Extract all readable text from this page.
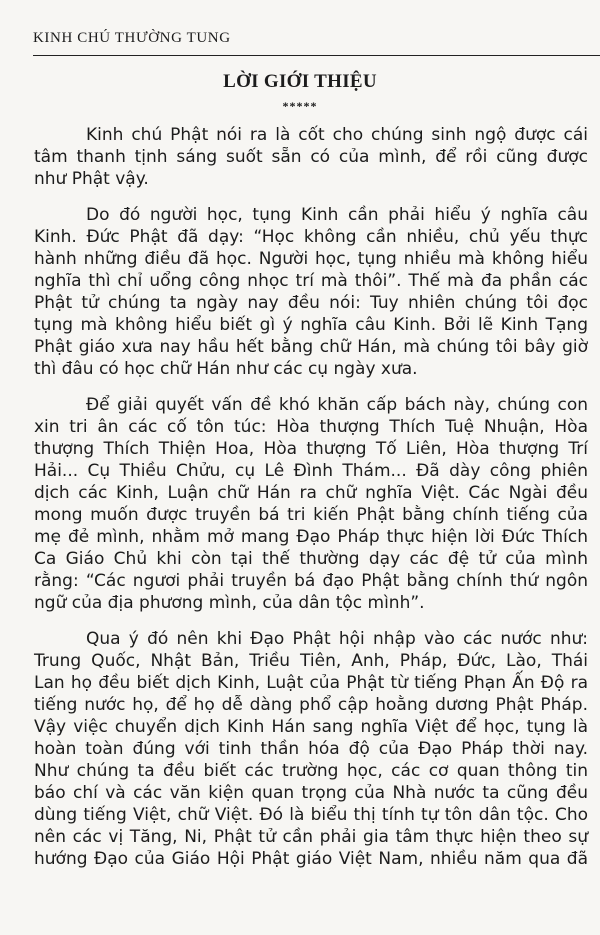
KINH CHÚ THƯỜNG TUNG
LỜI GIỚI THIỆU
*****
Kinh chú Phật nói ra là cốt cho chúng sinh ngộ được cái
tâm thanh tịnh sáng suốt sẵn có của mình, để rồi cũng được
như Phật vậy.
Do đó người học, tụng Kinh cần phải hiểu ý nghĩa câu
Kinh. Đức Phật đã dạy: “Học không cần nhiều, chủ yếu thực
hành những điều đã học. Người học, tụng nhiều mà không hiểu
nghĩa thì chỉ uổng công nhọc trí mà thôi”. Thế mà đa phần các
Phật tử chúng ta ngày nay đều nói: Tuy nhiên chúng tôi đọc
tụng mà không hiểu biết gì ý nghĩa câu Kinh. Bởi lẽ Kinh Tạng
Phật giáo xưa nay hầu hết bằng chữ Hán, mà chúng tôi bây giờ
thì đâu có học chữ Hán như các cụ ngày xưa.
Để giải quyết vấn đề khó khăn cấp bách này, chúng con
xin tri ân các cố tôn túc: Hòa thượng Thích Tuệ Nhuận, Hòa
thượng Thích Thiện Hoa, Hòa thượng Tố Liên, Hòa thượng Trí
Hải... Cụ Thiều Chửu, cụ Lê Đình Thám... Đã dày công phiên
dịch các Kinh, Luận chữ Hán ra chữ nghĩa Việt. Các Ngài đều
mong muốn được truyền bá tri kiến Phật bằng chính tiếng của
mẹ đẻ mình, nhằm mở mang Đạo Pháp thực hiện lời Đức Thích
Ca Giáo Chủ khi còn tại thế thường dạy các đệ tử của mình
rằng: “Các ngươi phải truyền bá đạo Phật bằng chính thứ ngôn
ngữ của địa phương mình, của dân tộc mình”.
Qua ý đó nên khi Đạo Phật hội nhập vào các nước như:
Trung Quốc, Nhật Bản, Triều Tiên, Anh, Pháp, Đức, Lào, Thái
Lan họ đều biết dịch Kinh, Luật của Phật từ tiếng Phạn Ấn Độ ra
tiếng nước họ, để họ dễ dàng phổ cập hoằng dương Phật Pháp.
Vậy việc chuyển dịch Kinh Hán sang nghĩa Việt để học, tụng là
hoàn toàn đúng với tinh thần hóa độ của Đạo Pháp thời nay.
Như chúng ta đều biết các trường học, các cơ quan thông tin
báo chí và các văn kiện quan trọng của Nhà nước ta cũng đều
dùng tiếng Việt, chữ Việt. Đó là biểu thị tính tự tôn dân tộc. Cho
nên các vị Tăng, Ni, Phật tử cần phải gia tâm thực hiện theo sự
hướng Đạo của Giáo Hội Phật giáo Việt Nam, nhiều năm qua đã
